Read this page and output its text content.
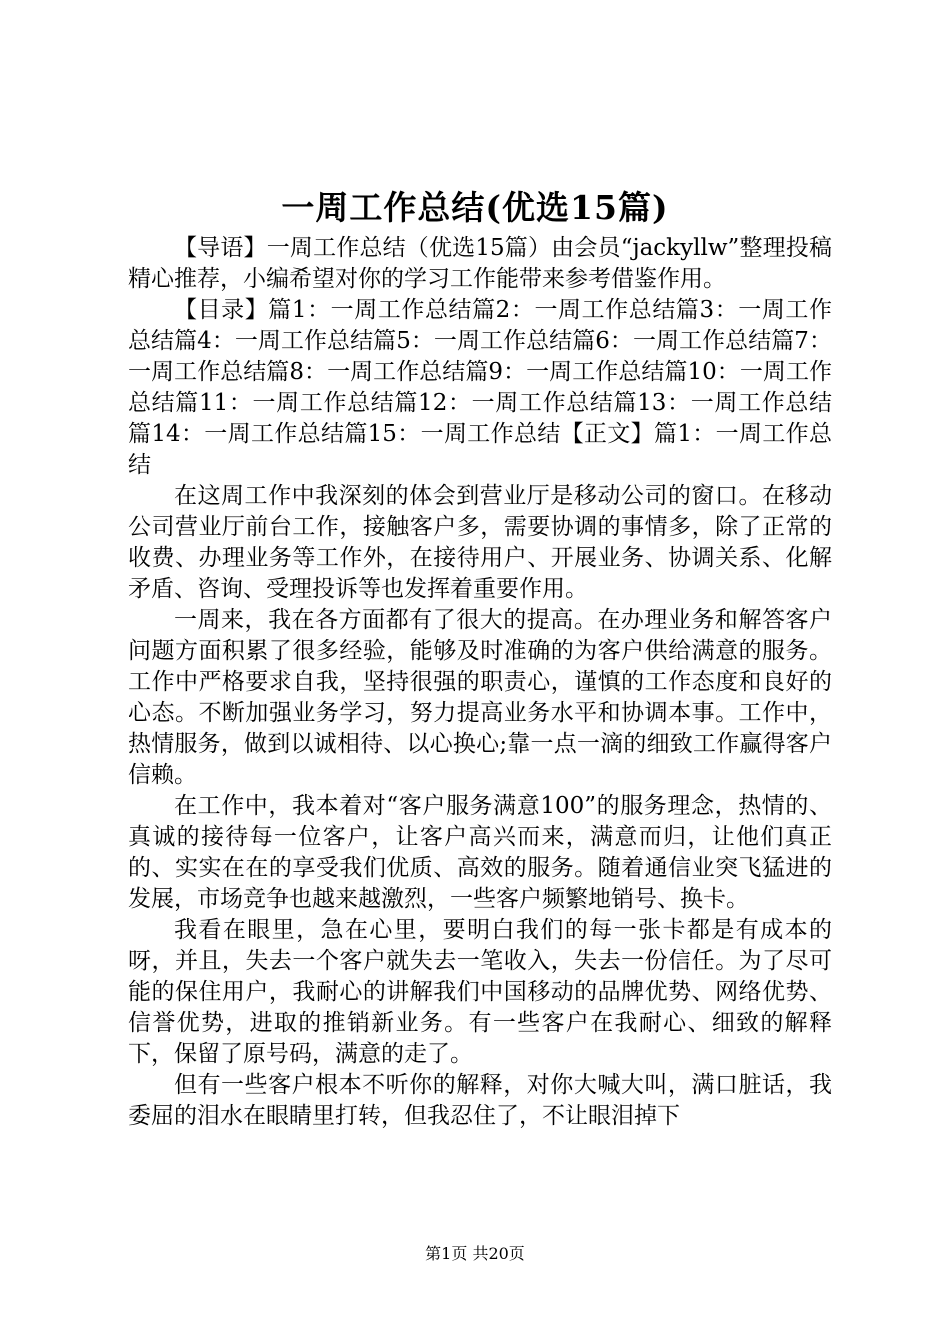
一周工作总结(优选15篇)

【导语】一周工作总结（优选15篇）由会员“jackyllw”整理投稿精心推荐，小编希望对你的学习工作能带来参考借鉴作用。

【目录】篇1：一周工作总结篇2：一周工作总结篇3：一周工作总结篇4：一周工作总结篇5：一周工作总结篇6：一周工作总结篇7：一周工作总结篇8：一周工作总结篇9：一周工作总结篇10：一周工作总结篇11：一周工作总结篇12：一周工作总结篇13：一周工作总结篇14：一周工作总结篇15：一周工作总结【正文】篇1：一周工作总结

在这周工作中我深刻的体会到营业厅是移动公司的窗口。在移动公司营业厅前台工作，接触客户多，需要协调的事情多，除了正常的收费、办理业务等工作外，在接待用户、开展业务、协调关系、化解矛盾、咨询、受理投诉等也发挥着重要作用。

一周来，我在各方面都有了很大的提高。在办理业务和解答客户问题方面积累了很多经验，能够及时准确的为客户供给满意的服务。工作中严格要求自我，坚持很强的职责心，谨慎的工作态度和良好的心态。不断加强业务学习，努力提高业务水平和协调本事。工作中，热情服务，做到以诚相待、以心换心;靠一点一滴的细致工作赢得客户信赖。

在工作中，我本着对“客户服务满意100”的服务理念，热情的、真诚的接待每一位客户，让客户高兴而来，满意而归，让他们真正的、实实在在的享受我们优质、高效的服务。随着通信业突飞猛进的发展，市场竞争也越来越激烈，一些客户频繁地销号、换卡。

我看在眼里，急在心里，要明白我们的每一张卡都是有成本的呀，并且，失去一个客户就失去一笔收入，失去一份信任。为了尽可能的保住用户，我耐心的讲解我们中国移动的品牌优势、网络优势、信誉优势，进取的推销新业务。有一些客户在我耐心、细致的解释下，保留了原号码，满意的走了。

但有一些客户根本不听你的解释，对你大喊大叫，满口脏话，我委屈的泪水在眼睛里打转，但我忍住了，不让眼泪掉下

第1页 共20页
